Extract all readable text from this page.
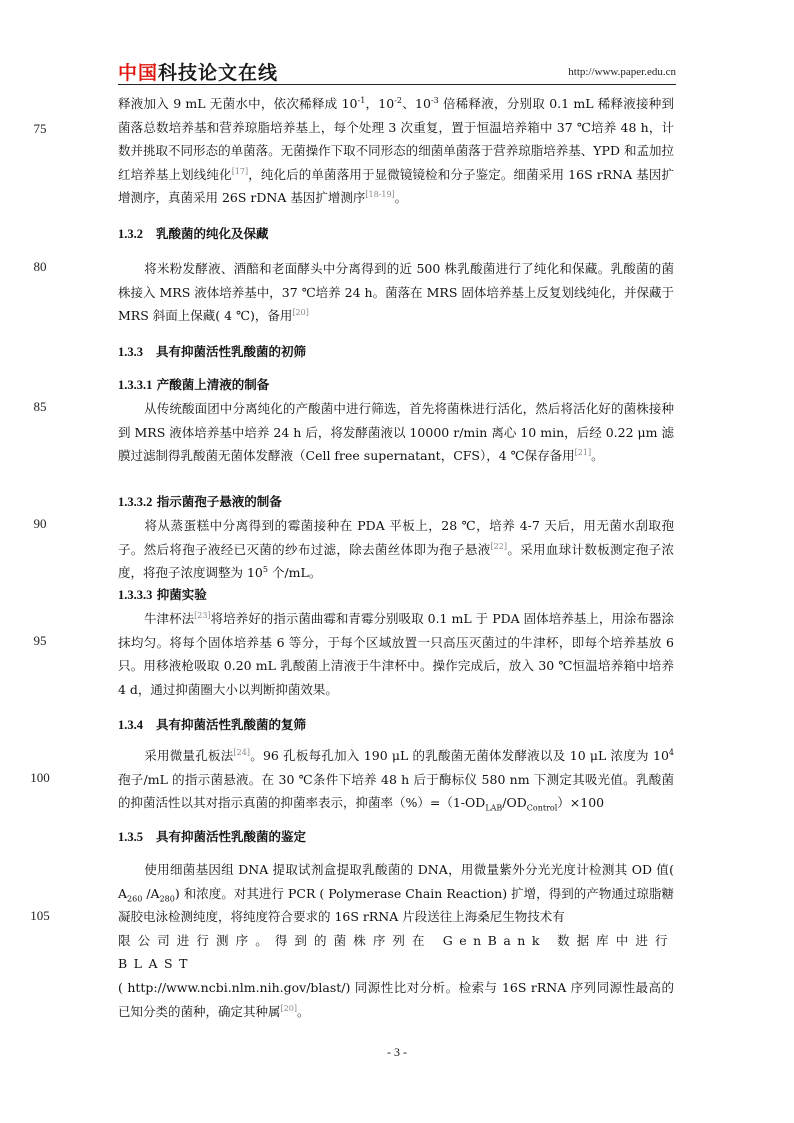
中国科技论文在线	http://www.paper.edu.cn
75
80
85
90
95
100
105
释液加入 9 mL 无菌水中，依次稀释成 $10^{-1}$，$10^{-2}$、$10^{-3}$ 倍稀释液，分别取 0.1 mL 稀释液接种到菌落总数培养基和营养琼脂培养基上，每个处理 3 次重复，置于恒温培养箱中 37 ℃培养 48 h，计数并挑取不同形态的单菌落。无菌操作下取不同形态的细菌单菌落于营养琼脂培养基、YPD 和孟加拉红培养基上划线纯化[17]，纯化后的单菌落用于显微镜镜检和分子鉴定。细菌采用 16S rRNA 基因扩增测序，真菌采用 26S rDNA 基因扩增测序[18-19]。
1.3.2 乳酸菌的纯化及保藏
将米粉发酵液、酒醅和老面酵头中分离得到的近 500 株乳酸菌进行了纯化和保藏。乳酸菌的菌株接入 MRS 液体培养基中，37 ℃培养 24 h。菌落在 MRS 固体培养基上反复划线纯化，并保藏于 MRS 斜面上保藏( 4 ℃)，备用[20]
1.3.3 具有抑菌活性乳酸菌的初筛
1.3.3.1 产酸菌上清液的制备
从传统酸面团中分离纯化的产酸菌中进行筛选，首先将菌株进行活化，然后将活化好的菌株接种到 MRS 液体培养基中培养 24 h 后，将发酵菌液以 10000 r/min 离心 10 min，后经 0.22 μm 滤膜过滤制得乳酸菌无菌体发酵液（Cell free supernatant，CFS），4 ℃保存备用[21]。
1.3.3.2 指示菌孢子悬液的制备
将从蒸蛋糕中分离得到的霉菌接种在 PDA 平板上，28 ℃，培养 4-7 天后，用无菌水刮取孢子。然后将孢子液经已灭菌的纱布过滤，除去菌丝体即为孢子悬液[22]。采用血球计数板测定孢子浓度，将孢子浓度调整为 $10^5$ 个/mL。
1.3.3.3 抑菌实验
牛津杯法[23]将培养好的指示菌曲霉和青霉分别吸取 0.1 mL 于 PDA 固体培养基上，用涂布器涂抹均匀。将每个固体培养基 6 等分，于每个区域放置一只高压灭菌过的牛津杯，即每个培养基放 6 只。用移液枪吸取 0.20 mL 乳酸菌上清液于牛津杯中。操作完成后，放入 30 ℃恒温培养箱中培养 4 d，通过抑菌圈大小以判断抑菌效果。
1.3.4 具有抑菌活性乳酸菌的复筛
采用微量孔板法[24]。96 孔板每孔加入 190 μL 的乳酸菌无菌体发酵液以及 10 μL 浓度为 $10^4$ 孢子/mL 的指示菌悬液。在 30 ℃条件下培养 48 h 后于酶标仪 580 nm 下测定其吸光值。乳酸菌的抑菌活性以其对指示真菌的抑菌率表示，抑菌率$(\%)=(1-OD_{LAB}/OD_{Control})\times 100$
1.3.5 具有抑菌活性乳酸菌的鉴定
使用细菌基因组 DNA 提取试剂盒提取乳酸菌的 DNA，用微量紫外分光光度计检测其 OD 值( $A_{260}$ $/A_{280}$) 和浓度。对其进行 PCR ( Polymerase Chain Reaction) 扩增，得到的产物通过琼脂糖凝胶电泳检测纯度，将纯度符合要求的 16S rRNA 片段送往上海桑尼生物技术有
限公司进行测序。得到的菌株序列在 GenBank 数据库中进行 BLAST
( http://www.ncbi.nlm.nih.gov/blast/) 同源性比对分析。检索与 16S rRNA 序列同源性最高的已知分类的菌种，确定其种属[20]。
- 3 -
